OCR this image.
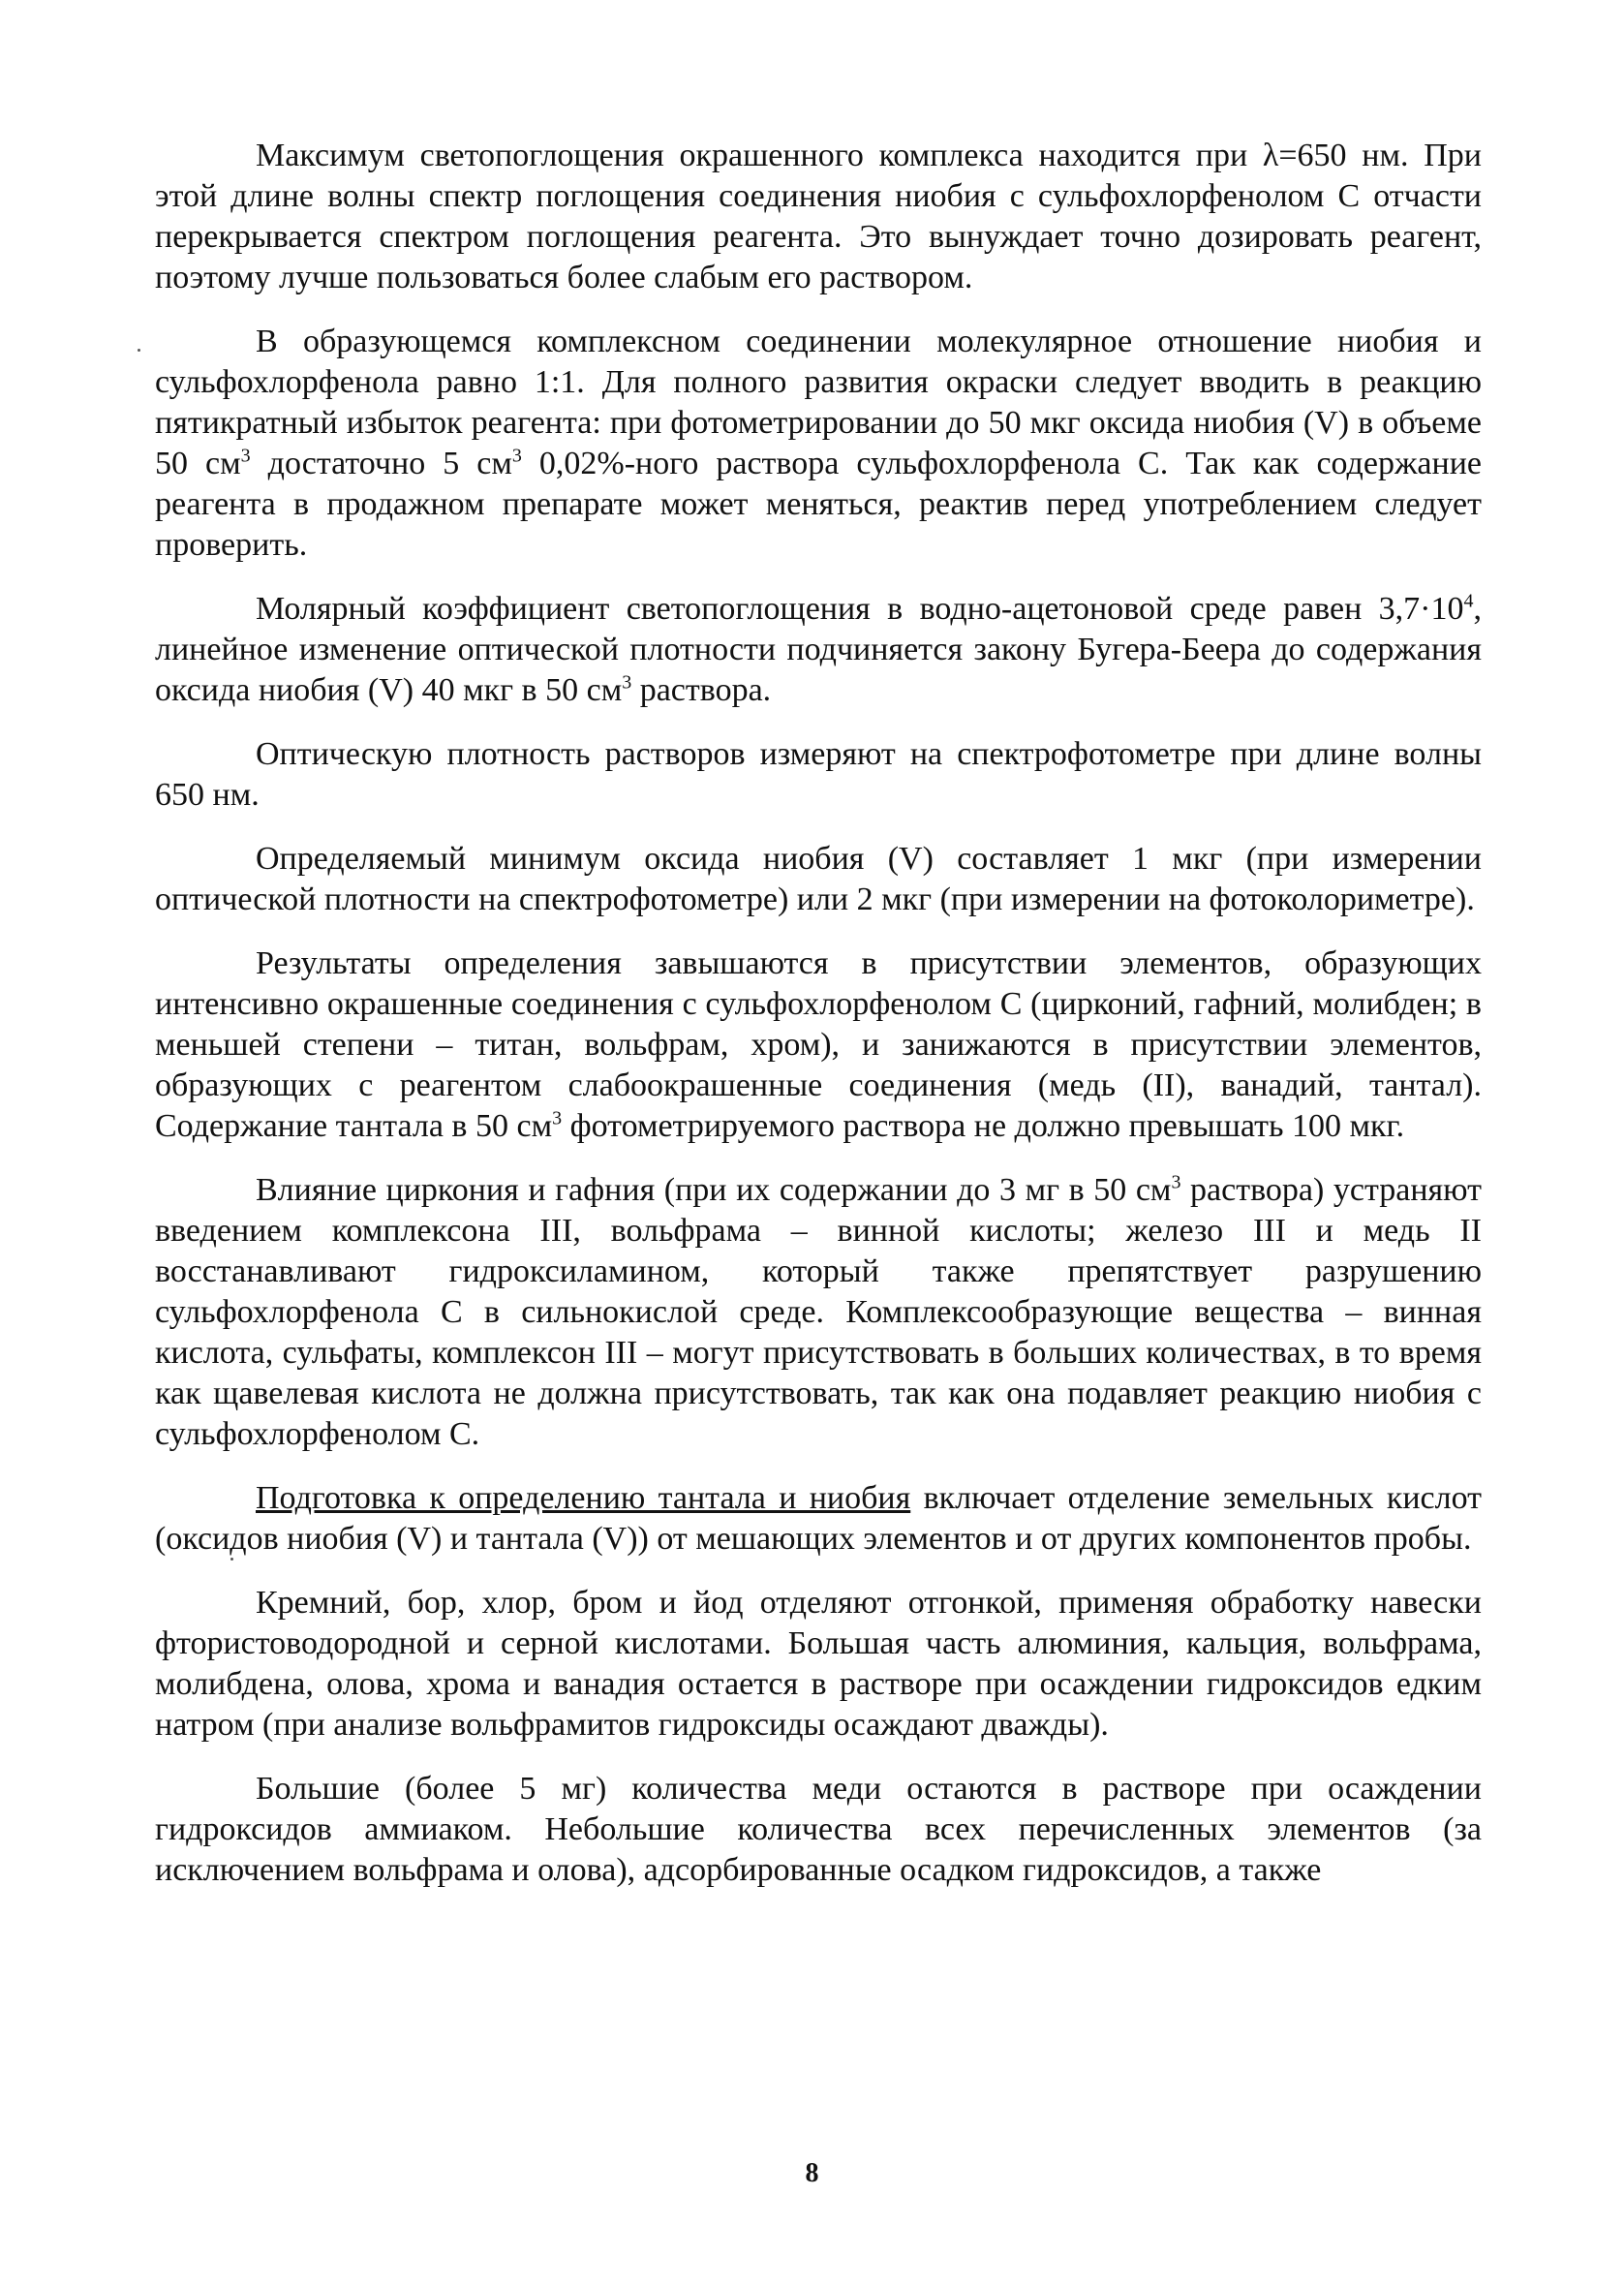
Максимум светопоглощения окрашенного комплекса находится при λ=650 нм. При этой длине волны спектр поглощения соединения ниобия с сульфохлорфенолом С отчасти перекрывается спектром поглощения реагента. Это вынуждает точно дозировать реагент, поэтому лучше пользоваться более слабым его раствором.

В образующемся комплексном соединении молекулярное отношение ниобия и сульфохлорфенола равно 1:1. Для полного развития окраски следует вводить в реакцию пятикратный избыток реагента: при фотометрировании до 50 мкг оксида ниобия (V) в объеме 50 $см^3$ достаточно 5 $см^3$ 0,02%-ного раствора сульфохлорфенола С. Так как содержание реагента в продажном препарате может меняться, реактив перед употреблением следует проверить.

Молярный коэффициент светопоглощения в водно-ацетоновой среде равен $3,7\cdot 10^4$, линейное изменение оптической плотности подчиняется закону Бугера-Беера до содержания оксида ниобия (V) 40 мкг в 50 $см^3$ раствора.

Оптическую плотность растворов измеряют на спектрофотометре при длине волны 650 нм.

Определяемый минимум оксида ниобия (V) составляет 1 мкг (при измерении оптической плотности на спектрофотометре) или 2 мкг (при измерении на фотоколориметре).

Результаты определения завышаются в присутствии элементов, образующих интенсивно окрашенные соединения с сульфохлорфенолом С (цирконий, гафний, молибден; в меньшей степени – титан, вольфрам, хром), и занижаются в присутствии элементов, образующих с реагентом слабоокрашенные соединения (медь (II), ванадий, тантал). Содержание тантала в 50 $см^3$ фотометрируемого раствора не должно превышать 100 мкг.

Влияние циркония и гафния (при их содержании до 3 мг в 50 $см^3$ раствора) устраняют введением комплексона III, вольфрама – винной кислоты; железо III и медь II восстанавливают гидроксиламином, который также препятствует разрушению сульфохлорфенола С в сильнокислой среде. Комплексообразующие вещества – винная кислота, сульфаты, комплексон III – могут присутствовать в больших количествах, в то время как щавелевая кислота не должна присутствовать, так как она подавляет реакцию ниобия с сульфохлорфенолом С.

Подготовка к определению тантала и ниобия включает отделение земельных кислот (оксидов ниобия (V) и тантала (V)) от мешающих элементов и от других компонентов пробы.

Кремний, бор, хлор, бром и йод отделяют отгонкой, применяя обработку навески фтористоводородной и серной кислотами. Большая часть алюминия, кальция, вольфрама, молибдена, олова, хрома и ванадия остается в растворе при осаждении гидроксидов едким натром (при анализе вольфрамитов гидроксиды осаждают дважды).

Большие (более 5 мг) количества меди остаются в растворе при осаждении гидроксидов аммиаком. Небольшие количества всех перечисленных элементов (за исключением вольфрама и олова), адсорбированные осадком гидроксидов, а также

8
